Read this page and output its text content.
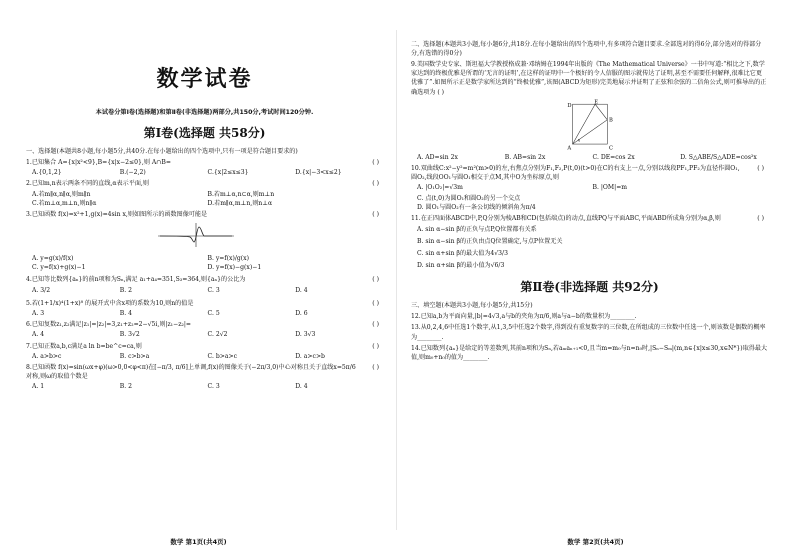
数学试卷
本试卷分第Ⅰ卷(选择题)和第Ⅱ卷(非选择题)两部分,共150分,考试时间120分钟.
第Ⅰ卷(选择题 共58分)
一、选择题(本题共8小题,每小题5分,共40分.在每小题给出的四个选项中,只有一项是符合题目要求的)
1.已知集合 A={x|x²<9},B={x|x−2≤0},则 A∩B=	( )
A.{0,1,2}	B.(−2,2)	C.{x|2≤x≤3}	D.{x|−3<x≤2}
2.已知m,n表示两条不同的直线,α表示平面,则	( )
A.若m∥α,n∥α,则m∥n	B.若m⊥α,n⊂α,则m⊥n
C.若m⊥α,m⊥n,则n∥α	D.若m∥α,m⊥n,则n⊥α
3.已知函数 f(x)=x²+1,g(x)=4sin x,则如图所示的函数图像可能是	( )
A. y=g(x)/f(x)	B. y=f(x)/g(x)
C. y=f(x)+g(x)−1	D. y=f(x)−g(x)−1
4.已知等比数列{aₙ}的前n项和为Sₙ,满足 a₁+a₄=351,S₃=364,则{aₙ}的公比为	( )
A. 3/2	B. 2	C. 3	D. 4
5.若(1+1/x)⁴(1+x)⁸ 的展开式中含x项的系数为10,则n的值是	( )
A. 3	B. 4	C. 5	D. 6
6.已知复数z₁,z₂满足|z₁|=|z₂|=3,z₁+z₂=2−√5i,则|z₁−z₂|=	( )
A. 4	B. 3√2	C. 2√2	D. 3√3
7.已知正数a,b,c满足a ln b=be^c=ca,则	( )
A. a>b>c	B. c>b>a	C. b>a>c	D. a>c>b
8.已知函数 f(x)=sin(ωx+φ)(ω>0,0<φ<π)在[−π/3, π/6]上单调,f(x)的图像关于(−2π/3,0)中心对称且关于直线x=5π/6对称,则ω的取值个数是
( )
A. 1	B. 2	C. 3	D. 4
数学 第1页(共4页)
二、选择题(本题共3小题,每小题6分,共18分.在每小题给出的四个选项中,有多项符合题目要求.全部选对的得6分,部分选对的得部分分,有选错的得0分)
9.美国数学史专家、斯坦福大学教授格成兼·邓纳姆在1994年出版的《The Mathematical Universe》一书中写道:“相比之下,数学家达到的终极优雅是所谓的‘无言的证明’,在这样的证明中一个极好的令人信服的图示就传达了证明,甚至不需要任何解释,很难比它更优雅了”.如图所示正是数学家所达到的“终极优雅”,该图(ABCD为矩形)完美地展示并证明了正弦和余弦的二倍角公式,则可推导出的正确选项为 ( )
D
E
A
B
C
x
A. AD=sin 2x	B. AB=sin 2x	C. DE=cos 2x	D. S△ABE/S△ADE=cos²x
10.双曲线C:x²−y²=m²(m>0)的左,右焦点分别为F₁,F₂,P(t,0)(t>0)在C的右支上一点,分别以线段PF₁,PF₂为直径作圆O₁,圆O₂,线段OO₁与圆O₁相交于点M,其中O为坐标原点,则
( )
A. |O₁O₂|=√3m	B. |OM|=m
C. 点(t,0)为圆O₁和圆O₂的另一个交点
D. 圆O₁与圆O₂有一条公切线的倾斜角为π/4
11.在正四面体ABCD中,P,Q分别为棱AB和CD(包括端点)的动点,直线PQ与平面ABC,平面ABD所成角分别为α,β,则	( )
A. sin α−sin β的正负与点P,Q位置都有关系
B. sin α−sin β的正负由点Q位置确定,与点P位置无关
C. sin α+sin β的最大值为4√3/3
D. sin α+sin β的最小值为√6/3
第Ⅱ卷(非选择题 共92分)
三、填空题(本题共3小题,每小题5分,共15分)
12.已知a,b为平面向量,|b|=4√3,a与b的夹角为π/6,则a与a−b的数量积为________.
13.从0,2,4,6中任选1个数字,从1,3,5中任选2个数字,得到没有重复数字的三位数,在所组成的三位数中任选一个,则该数是偶数的概率为________.
14.已知数列{aₙ}是给定的等差数列,其前n项和为Sₙ,若aₘaₙ₊₁<0,且当m=m₀与n=n₀时,|Sₙ−Sₘ|(m,n∈{x|x≤30,x∈N*})取得最大值,则m₀+n₀的值为________.
数学 第2页(共4页)
